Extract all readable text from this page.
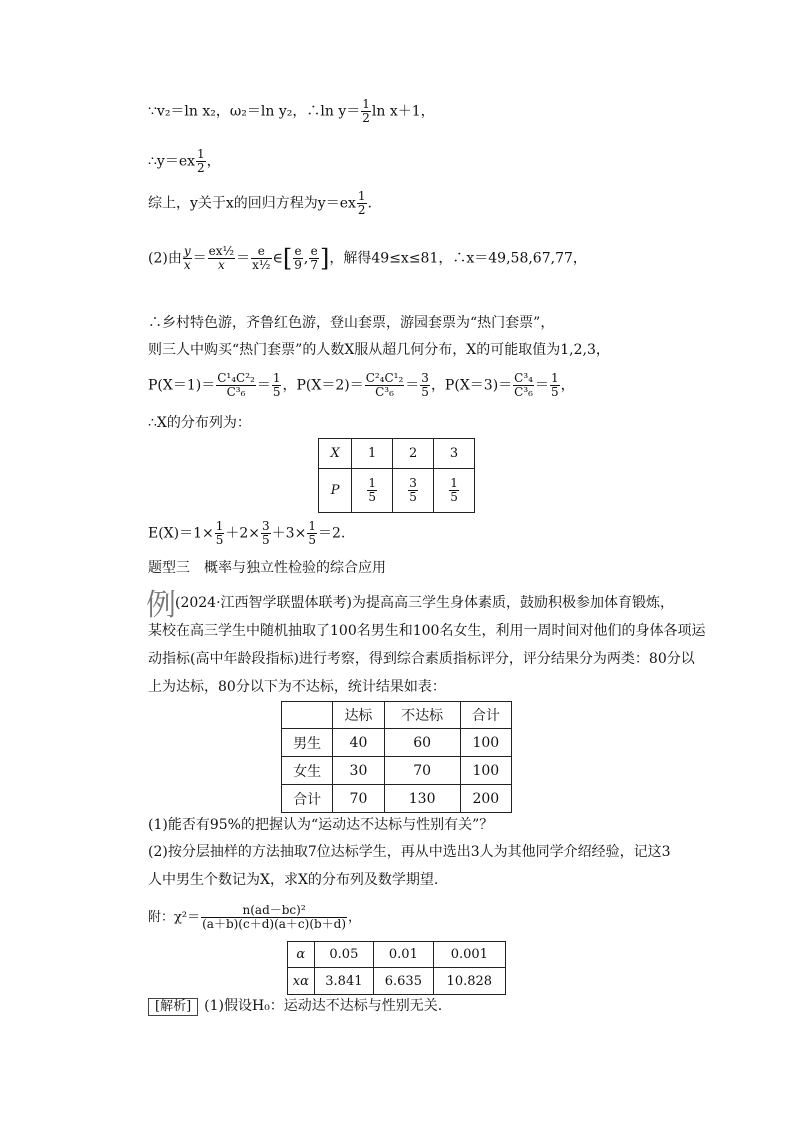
∵v₂＝ln x₂，ω₂＝ln y₂，∴ln $y= \frac{1}{2}$ ln x＋1，
∴y＝ex $\frac{1}{2}$ ，
综上，y关于x的回归方程为$y=ex \frac{1}{2}$ .
(2)由 $\frac{y}{x} = \frac{\text{ex½}}{x} = \frac{e}{\text{x½}}$ ∈[ $\frac{e}{9}$ , $\frac{e}{7}$ ]，解得49≤x≤81，∴x＝49,58,67,77，
∴乡村特色游，齐鲁红色游，登山套票，游园套票为“热门套票”，
则三人中购买“热门套票”的人数X服从超几何分布，X的可能取值为1,2,3，
$P(X=1)= \frac{\text{C¹₄C²₂}}{\text{C³₆}} = \frac{1}{5}$ ，$P(X=2)= \frac{\text{C²₄C¹₂}}{\text{C³₆}} = \frac{3}{5}$ ，$P(X=3)= \frac{\text{C³₄}}{\text{C³₆}} = \frac{1}{5}$ ，
∴X的分布列为：
X	1	2	3
P	$\frac{1}{5}$	$\frac{3}{5}$	$\frac{1}{5}$
$E(X)=1\times \frac{1}{5} +2\times \frac{3}{5} +3\times \frac{1}{5} =2$.
题型三　概率与独立性检验的综合应用
例 (2024·江西智学联盟体联考)为提高高三学生身体素质，鼓励积极参加体育锻炼，
某校在高三学生中随机抽取了100名男生和100名女生，利用一周时间对他们的身体各项运
动指标(高中年龄段指标)进行考察，得到综合素质指标评分，评分结果分为两类：80分以
上为达标，80分以下为不达标，统计结果如表：
	达标	不达标	合计
男生	40	60	100
女生	30	70	100
合计	70	130	200
(1)能否有95%的把握认为“运动达不达标与性别有关”？
(2)按分层抽样的方法抽取7位达标学生，再从中选出3人为其他同学介绍经验，记这3
人中男生个数记为X，求X的分布列及数学期望.
附：$\chi^2= \frac{\text{n(ad－bc)²}}{(a+b)(c+d)(a+c)(b+d)}$ ，
α	0.05	0.01	0.001
xα	3.841	6.635	10.828
[解析] (1)假设H₀：运动达不达标与性别无关.
